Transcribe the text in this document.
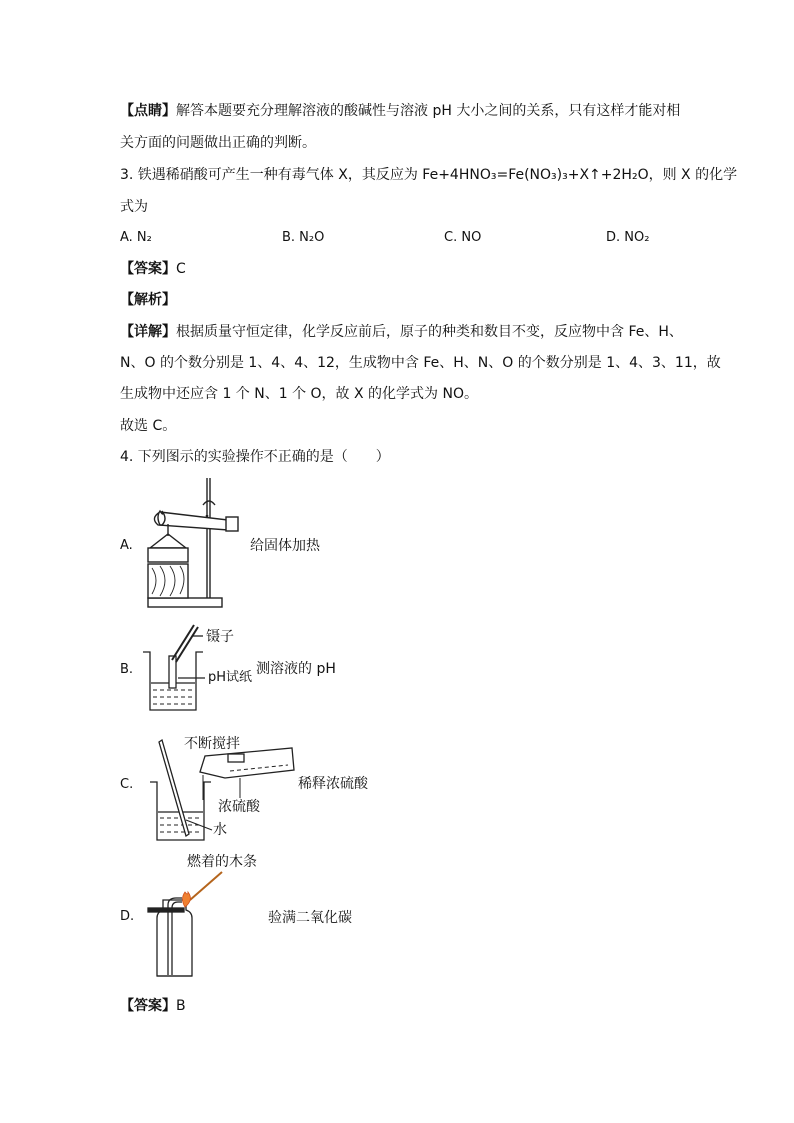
【点睛】解答本题要充分理解溶液的酸碱性与溶液 pH 大小之间的关系，只有这样才能对相
关方面的问题做出正确的判断。
3. 铁遇稀硝酸可产生一种有毒气体 X，其反应为 Fe+4HNO₃=Fe(NO₃)₃+X↑+2H₂O，则 X 的化学
式为
A. N₂	B. N₂O	C. NO	D. NO₂
【答案】C
【解析】
【详解】根据质量守恒定律，化学反应前后，原子的种类和数目不变，反应物中含 Fe、H、
N、O 的个数分别是 1、4、4、12，生成物中含 Fe、H、N、O 的个数分别是 1、4、3、11，故
生成物中还应含 1 个 N、1 个 O，故 X 的化学式为 NO。
故选 C。
4. 下列图示的实验操作不正确的是（　　）
A.
B.
C.
D.
给固体加热
镊子
pH试纸
测溶液的 pH
不断搅拌
稀释浓硫酸
浓硫酸
水
燃着的木条
验满二氧化碳
【答案】B
